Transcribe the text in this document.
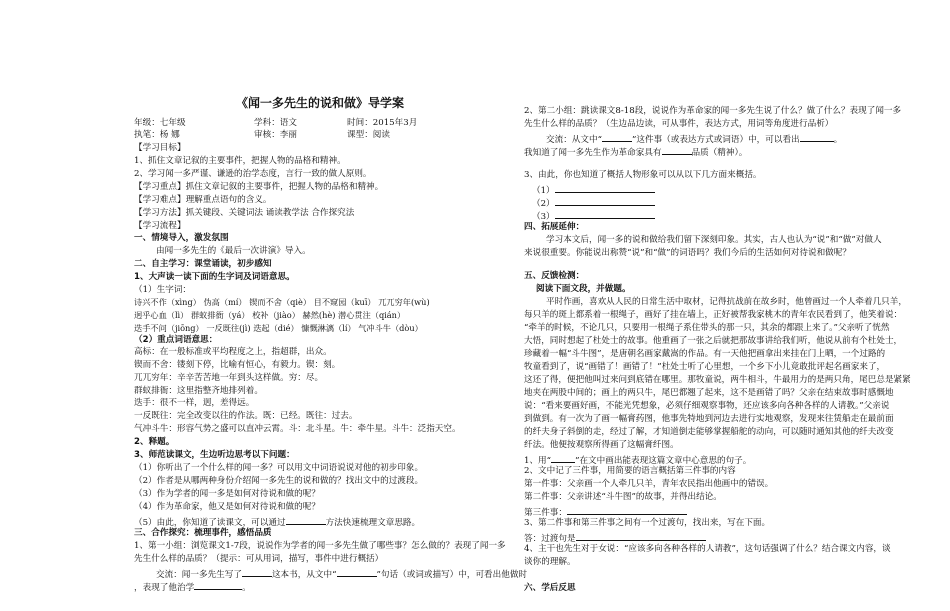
《闻一多先生的说和做》导学案
年级：七年级	学科：语文	时间：2015年3月
执笔：杨 娜	审核：李丽	课型：阅读
【学习目标】
1、抓住文章记叙的主要事件，把握人物的品格和精神。
2、学习闻一多严谨、谦逊的治学态度，言行一致的做人原则。
【学习重点】抓住文章记叙的主要事件，把握人物的品格和精神。
【学习难点】理解重点语句的含义。
【学习方法】抓关键段、关键词法 诵读教学法 合作探究法
【学习流程】
一、情境导入，激发氛围
由闻一多先生的《最后一次讲演》导入。
二、自主学习：课堂诵读，初步感知
1、大声读一读下面的生字词及词语意思。
（1）生字词：
诗兴不作（xìng） 伪高（mí） 锲而不舍（qiè） 目不窥园（kuī） 兀兀穷年(wù)
迥乎心血（lì） 群蚁排衙（yá） 校补（jiào） 赫然(hè) 潜心贯注（qián）
迭手不问（jiōng） 一反既往(jì) 迭起（dié） 慷慨淋漓（lí） 气冲斗牛（dòu）
（2）重点词语意思：
高标：在一般标准或平均程度之上，指超群，出众。
锲而不舍：镂刻下停，比喻有恒心，有毅力。锲：刻。
兀兀穷年：辛辛苦苦地一年到头这样做。穷：尽。
群蚁排衙：这里指整齐地排列着。
迭手：很不一样，迥，差得远。
一反既往：完全改变以往的作法。既：已经。既往：过去。
气冲斗牛：形容气势之盛可以直冲云霄。斗：北斗星。牛：牵牛星。斗牛：泛指天空。
2、释题。
3、师范读课文，生边听边思考以下问题：
（1）你听出了一个什么样的闻一多？可以用文中词语说说对他的初步印象。
（2）作者是从哪两种身份介绍闻一多先生的说和做的？找出文中的过渡段。
（3）作为学者的闻一多是如何对待说和做的呢？
（4）作为革命家，他又是如何对待说和做的呢？
（5）由此，你知道了读课文，可以通过	方法快速梳理文章思路。
三、合作探究：梳理事件，感悟品质
1、第一小组：浏览课文1-7段，说说作为学者的闻一多先生做了哪些事？怎么做的？表现了闻一多
先生什么样的品质？（提示：可从用词，描写，事件中进行概括）
交流：闻一多先生写了	这本书，从文中“	”句话（或词或描写）中，可看出他做时
，表现了他治学	。
2、第二小组：跳读课文8-18段，说说作为革命家的闻一多先生说了什么？做了什么？表现了闻一多
先生什么样的品质？（生边品边读，可从事件，表达方式，用词等角度进行品析）
交流：从文中“	”这件事（或表达方式或词语）中，可以看出	。
我知道了闻一多先生作为革命家具有	品质（精神）。
3、由此，你也知道了概括人物形象可以从以下几方面来概括。
（1）
（2）
（3）
四、拓展延伸：
学习本文后，闻一多的说和做给我们留下深刻印象。其实，古人也认为“说”和“做”对做人
来说很重要。你能说出称赞“说”和“做”的词语吗？我们今后的生活如何对待说和做呢？
五、反馈检测：
阅读下面文段，并做题。
平时作画，喜欢从人民的日常生活中取材，记得抗战前在故乡时，他曾画过一个人牵着几只羊，
每只羊的斑上都系着一根绳子，画好了挂在墙上，正好被帮我家桃木的青年农民看到了，他笑着说：
“牵羊的时候，不论几只，只要用一根绳子系住带头的那一只，其余的都跟上来了。”父亲听了恍然
大悟，同时想起了杜处士的故事。他重画了一张之后就把那故事讲给我们听，他说从前有个杜处士，
珍藏着一幅“斗牛图”，是唐朝名画家戴嵩的作品。有一天他把画拿出来挂在门上晒，一个过路的
牧童看到了，说“画错了！画错了！”杜处士听了心里想，一个乡下小儿竟敢批评起名画家来了，
这还了得，便把他叫过来问到底错在哪里。那牧童说，两牛相斗，牛最用力的是两只角，尾巴总是紧紧
地夹在两股中间的；画上的两只牛，尾巴都翘了起来，这不是画错了吗？父亲在结束故事时感慨地
说：“看来要画好画，不能光凭想象，必须仔细观察事物，还应该多向各种各样的人请教。”父亲说
到做到。有一次为了画一幅膏药图，他事先特地到河边去进行实地观察，发现来往赁船走在最前面
的纤夫身子斜倒的走，经过了解，才知道倒走能够掌握船舵的动向，可以随时通知其他的纤夫改变
纤法。他便按观察所得画了这幅膏纤图。
1、用“	”在文中画出能表现这篇文章中心意思的句子。
2、文中记了三件事，用简要的语言概括第三件事的内容
第一件事：父亲画一个人牵几只羊，青年农民指出他画中的错误。
第二件事：父亲讲述“斗牛图”的故事，并得出结论。
第三件事：
3、第二件事和第三件事之间有一个过渡句，找出来，写在下面。
答：过渡句是
4、主干也先生对于女说：“应该多向各种各样的人请教”，这句话强调了什么？结合课文内容，谈
谈你的理解。
六、学后反思
